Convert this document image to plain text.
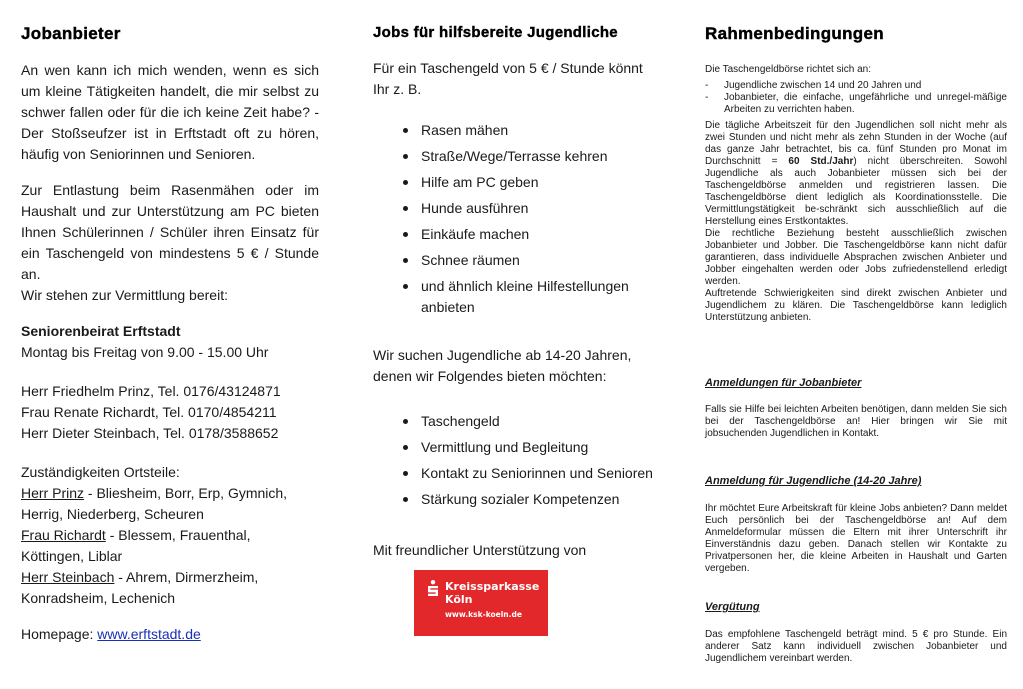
Jobanbieter

An wen kann ich mich wenden, wenn es sich um kleine Tätigkeiten handelt, die mir selbst zu schwer fallen oder für die ich keine Zeit habe? - Der Stoßseufzer ist in Erftstadt oft zu hören, häufig von Seniorinnen und Senioren.

Zur Entlastung beim Rasenmähen oder im Haushalt und zur Unterstützung am PC bieten Ihnen Schülerinnen / Schüler ihren Einsatz für ein Taschengeld von mindestens 5 € / Stunde an.

Wir stehen zur Vermittlung bereit:

Seniorenbeirat Erftstadt

Montag bis Freitag von 9.00 - 15.00 Uhr

Herr Friedhelm Prinz, Tel. 0176/43124871

Frau Renate Richardt, Tel. 0170/4854211

Herr Dieter Steinbach, Tel. 0178/3588652

Zuständigkeiten Ortsteile:

Herr Prinz - Bliesheim, Borr, Erp, Gymnich, Herrig, Niederberg, Scheuren

Frau Richardt - Blessem, Frauenthal, Köttingen, Liblar

Herr Steinbach - Ahrem, Dirmerzheim, Konradsheim, Lechenich

Homepage: www.erftstadt.de

Jobs für hilfsbereite Jugendliche

Für ein Taschengeld von 5 € / Stunde könnt Ihr z. B.

Rasen mähen
Straße/Wege/Terrasse kehren
Hilfe am PC geben
Hunde ausführen
Einkäufe machen
Schnee räumen
und ähnlich kleine Hilfestellungen anbieten

Wir suchen Jugendliche ab 14-20 Jahren, denen wir Folgendes bieten möchten:

Taschengeld
Vermittlung und Begleitung
Kontakt zu Seniorinnen und Senioren
Stärkung sozialer Kompetenzen

Mit freundlicher Unterstützung von

Kreissparkasse
Köln
www.ksk-koeln.de
Rahmenbedingungen

Die Taschengeldbörse richtet sich an:

- Jugendliche zwischen 14 und 20 Jahren und
- Jobanbieter, die einfache, ungefährliche und unregel-mäßige Arbeiten zu verrichten haben.

Die tägliche Arbeitszeit für den Jugendlichen soll nicht mehr als zwei Stunden und nicht mehr als zehn Stunden in der Woche (auf das ganze Jahr betrachtet, bis ca. fünf Stunden pro Monat im Durchschnitt = 60 Std./Jahr) nicht überschreiten. Sowohl Jugendliche als auch Jobanbieter müssen sich bei der Taschengeldbörse anmelden und registrieren lassen. Die Taschengeldbörse dient lediglich als Koordinationsstelle. Die Vermittlungstätigkeit be-schränkt sich ausschließlich auf die Herstellung eines Erstkontaktes.

Die rechtliche Beziehung besteht ausschließlich zwischen Jobanbieter und Jobber. Die Taschengeldbörse kann nicht dafür garantieren, dass individuelle Absprachen zwischen Anbieter und Jobber eingehalten werden oder Jobs zufriedenstellend erledigt werden.

Auftretende Schwierigkeiten sind direkt zwischen Anbieter und Jugendlichem zu klären. Die Taschengeldbörse kann lediglich Unterstützung anbieten.

Anmeldungen für Jobanbieter

Falls sie Hilfe bei leichten Arbeiten benötigen, dann melden Sie sich bei der Taschengeldbörse an! Hier bringen wir Sie mit jobsuchenden Jugendlichen in Kontakt.

Anmeldung für Jugendliche (14-20 Jahre)

Ihr möchtet Eure Arbeitskraft für kleine Jobs anbieten? Dann meldet Euch persönlich bei der Taschengeldbörse an! Auf dem Anmeldeformular müssen die Eltern mit ihrer Unterschrift ihr Einverständnis dazu geben. Danach stellen wir Kontakte zu Privatpersonen her, die kleine Arbeiten in Haushalt und Garten vergeben.

Vergütung

Das empfohlene Taschengeld beträgt mind. 5 € pro Stunde. Ein anderer Satz kann individuell zwischen Jobanbieter und Jugendlichem vereinbart werden.
